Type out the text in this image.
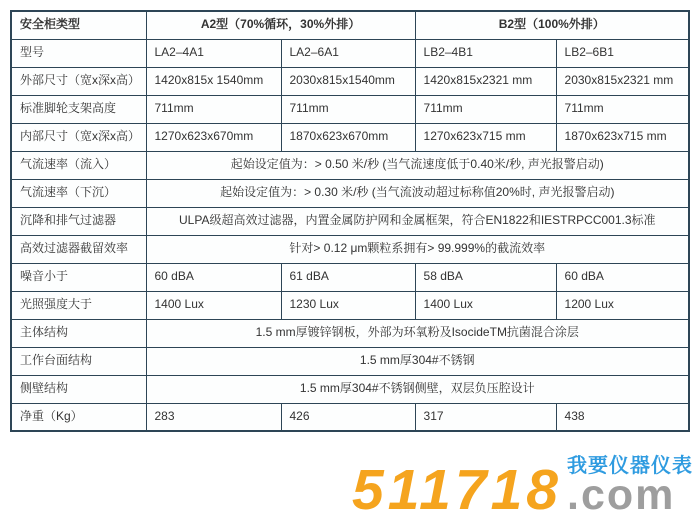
安全柜类型	A2型（70%循环，30%外排）		B2型（100%外排）	
型号	LA2–4A1	LA2–6A1	LB2–4B1	LB2–6B1
外部尺寸（宽x深x高）	1420x815x 1540mm	2030x815x1540mm	1420x815x2321 mm	2030x815x2321 mm
标准脚轮支架高度	711mm	711mm	711mm	711mm
内部尺寸（宽x深x高）	1270x623x670mm	1870x623x670mm	1270x623x715 mm	1870x623x715 mm
气流速率（流入）	起始设定值为：> 0.50 米/秒 (当气流速度低于0.40米/秒, 声光报警启动)			
气流速率（下沉）	起始设定值为：> 0.30 米/秒 (当气流波动超过标称值20%时, 声光报警启动)			
沉降和排气过滤器	ULPA级超高效过滤器，内置金属防护网和金属框架，符合EN1822和IESTRPCC001.3标准			
高效过滤器截留效率	针对> 0.12 μm颗粒系拥有> 99.999%的截流效率			
噪音小于	60 dBA	61 dBA	58 dBA	60 dBA
光照强度大于	1400 Lux	1230 Lux	1400 Lux	1200 Lux
主体结构	1.5 mm厚镀锌钢板，外部为环氧粉及IsocideTM抗菌混合涂层			
工作台面结构	1.5 mm厚304#不锈钢			
侧壁结构	1.5 mm厚304#不锈钢侧壁，双层负压腔设计			
净重（Kg）	283	426	317	438
511718 我要仪器仪表
.com
